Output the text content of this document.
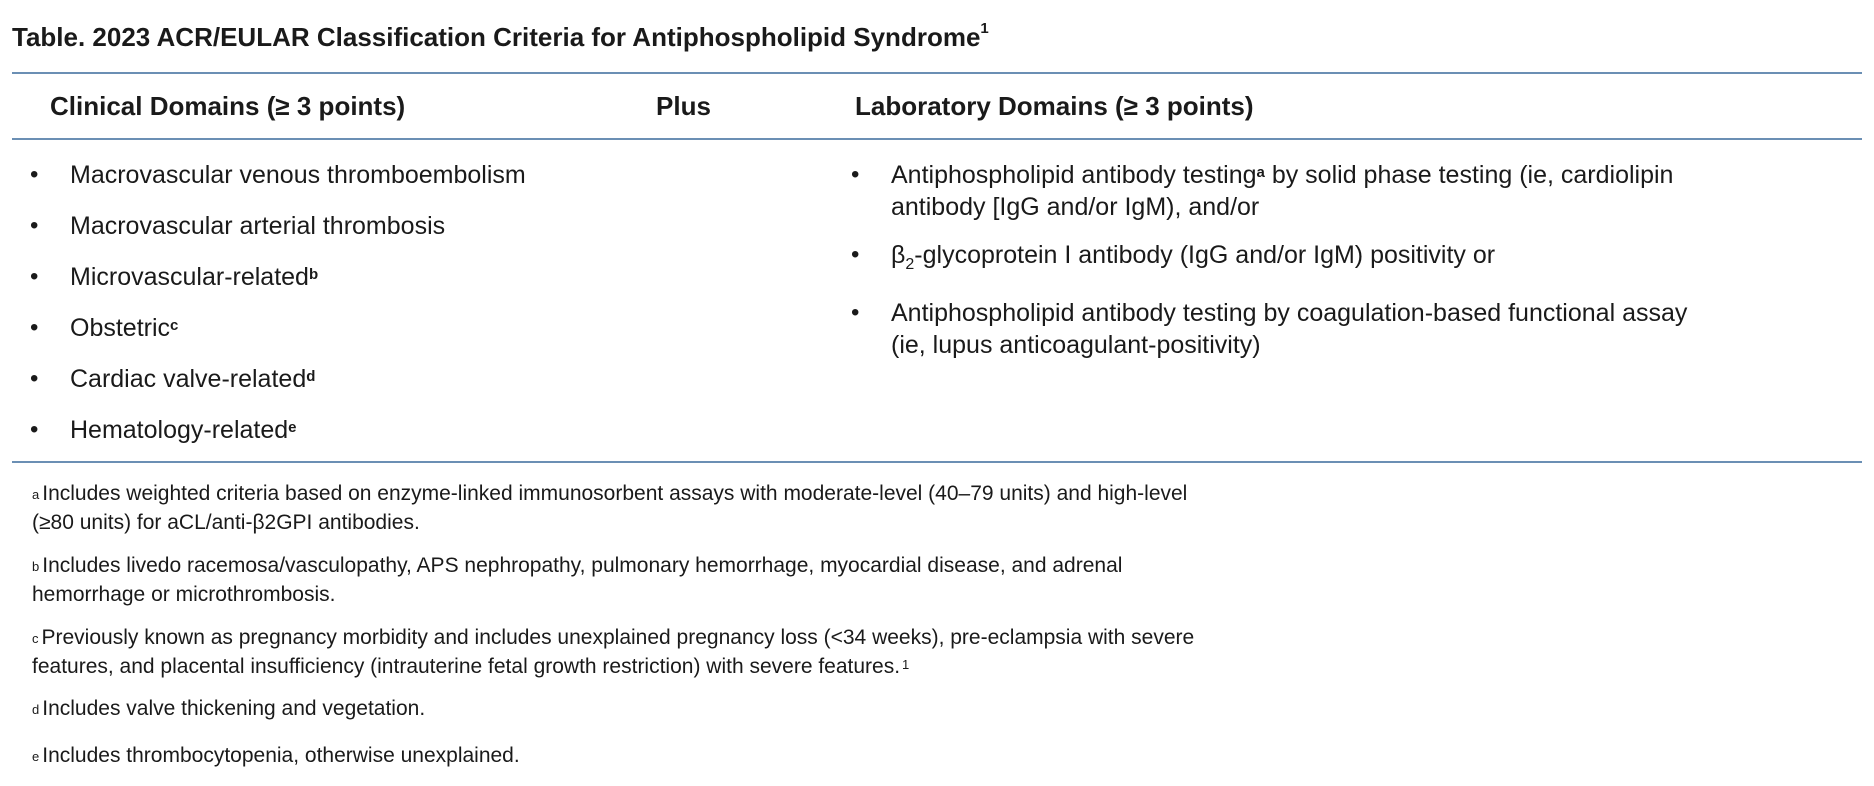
Table. 2023 ACR/EULAR Classification Criteria for Antiphospholipid Syndrome$^1$
Clinical Domains (≥ 3 points)	Plus	Laboratory Domains (≥ 3 points)
• Macrovascular venous thromboembolism
• Macrovascular arterial thrombosis
• Microvascular-related$^b$
• Obstetric$^c$
• Cardiac valve-related$^d$
• Hematology-related$^e$
• Antiphospholipid antibody testing$^a$ by solid phase testing (ie, cardiolipin
antibody [IgG and/or IgM), and/or
• $\beta_2$-glycoprotein I antibody (IgG and/or IgM) positivity or
• Antiphospholipid antibody testing by coagulation-based functional assay
(ie, lupus anticoagulant-positivity)
$^a$ Includes weighted criteria based on enzyme-linked immunosorbent assays with moderate-level (40–79 units) and high-level
(≥80 units) for aCL/anti-β2GPI antibodies.
$^b$ Includes livedo racemosa/vasculopathy, APS nephropathy, pulmonary hemorrhage, myocardial disease, and adrenal
hemorrhage or microthrombosis.
$^c$ Previously known as pregnancy morbidity and includes unexplained pregnancy loss (<34 weeks), pre-eclampsia with severe
features, and placental insufficiency (intrauterine fetal growth restriction) with severe features. $^1$
$^d$ Includes valve thickening and vegetation.
$^e$ Includes thrombocytopenia, otherwise unexplained.
